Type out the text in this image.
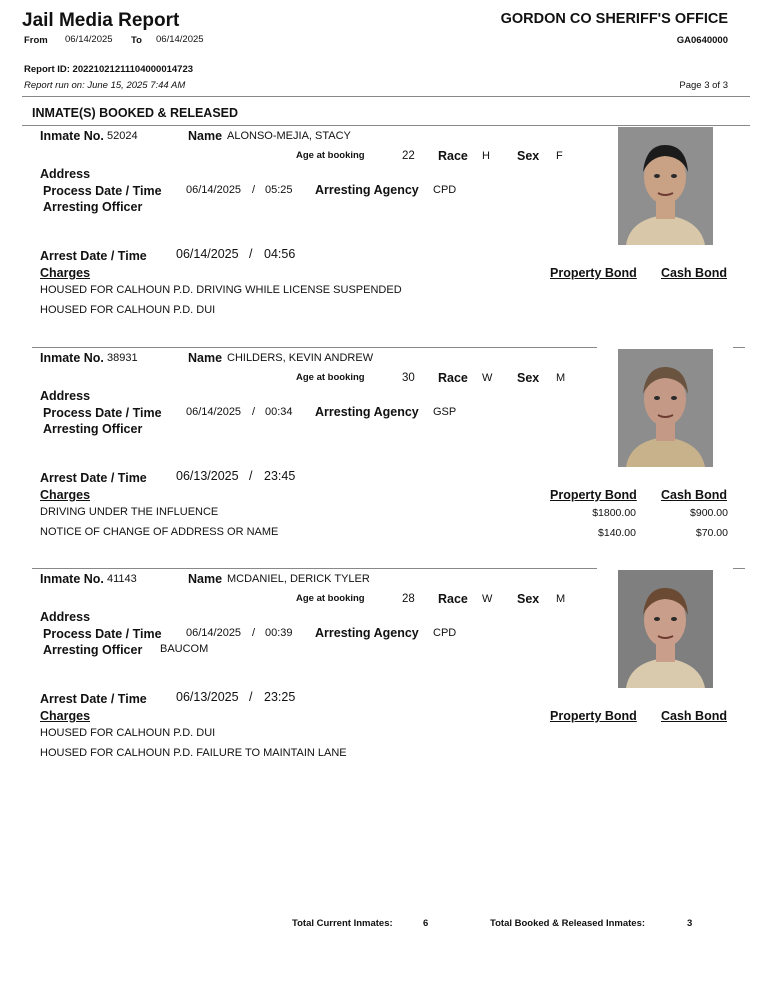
Jail Media Report	GORDON CO SHERIFF'S OFFICE
GA0640000
From 06/14/2025 To 06/14/2025
Report ID: 2022102121110400001472​3
Report run on: June 15, 2025 7:44 AM	Page 3 of 3
INMATE(S) BOOKED & RELEASED
Inmate No. 52024	Name ALONSO-MEJIA, STACY
Age at booking	22 Race H Sex F
Address
Process Date / Time 06/14/2025 / 05:25 Arresting Agency CPD
Arresting Officer
Arrest Date / Time 06/14/2025 / 04:56
Charges	Property Bond Cash Bond
HOUSED FOR CALHOUN P.D. DRIVING WHILE LICENSE SUSPENDED
HOUSED FOR CALHOUN P.D. DUI
Inmate No. 38931	Name CHILDERS, KEVIN ANDREW
Age at booking	30 Race W Sex M
Address
Process Date / Time 06/14/2025 / 00:34 Arresting Agency GSP
Arresting Officer
Arrest Date / Time 06/13/2025 / 23:45
Charges	Property Bond Cash Bond
DRIVING UNDER THE INFLUENCE	$1800.00	$900.00
NOTICE OF CHANGE OF ADDRESS OR NAME	$140.00	$70.00
Inmate No. 41143	Name MCDANIEL, DERICK TYLER
Age at booking	28 Race W Sex M
Address
Process Date / Time 06/14/2025 / 00:39 Arresting Agency CPD
Arresting Officer BAUCOM
Arrest Date / Time 06/13/2025 / 23:25
Charges	Property Bond Cash Bond
HOUSED FOR CALHOUN P.D. DUI
HOUSED FOR CALHOUN P.D. FAILURE TO MAINTAIN LANE
Total Current Inmates:	6	Total Booked & Released Inmates:	3
